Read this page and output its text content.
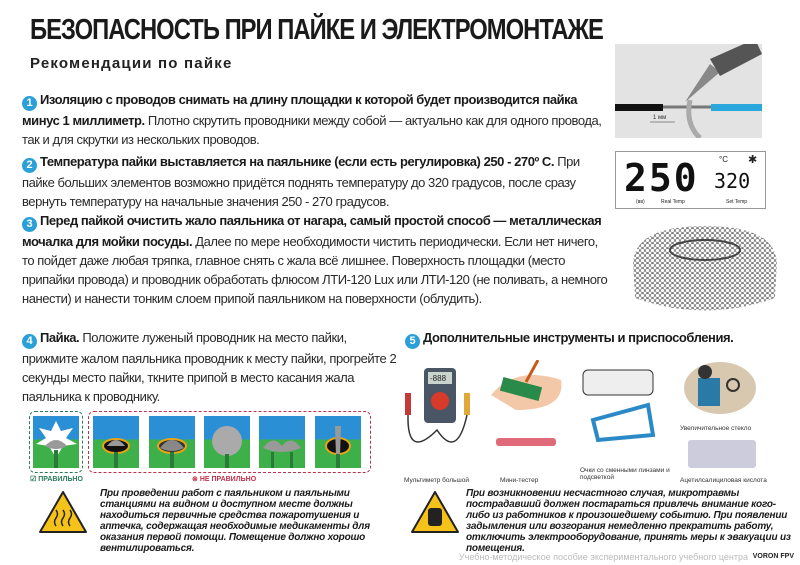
БЕЗОПАСНОСТЬ ПРИ ПАЙКЕ И ЭЛЕКТРОМОНТАЖЕ
Рекомендации по пайке
1 Изоляцию с проводов снимать на длину площадки к которой будет производится пайка минус 1 миллиметр. Плотно скрутить проводники между собой — актуально как для одного провода, так и для скрутки из нескольких проводов.
2 Температура пайки выставляется на паяльнике (если есть регулировка) 250 - 270º С. При пайке больших элементов возможно придётся поднять температуру до 320 градусов, после сразу вернуть температуру на начальные значения 250 - 270 градусов.
3 Перед пайкой очистить жало паяльника от нагара, самый простой способ — металлическая мочалка для мойки посуды. Далее по мере необходимости чистить периодически. Если нет ничего, то пойдет даже любая тряпка, главное снять с жала всё лишнее. Поверхность площадки (место припайки провода) и проводник обработать флюсом ЛТИ-120 Lux или ЛТИ-120 (не поливать, а немного нанести) и нанести тонким слоем припой паяльником на поверхности (облудить).
4 Пайка. Положите луженый проводник на место пайки, прижмите жалом паяльника проводник к месту пайки, прогрейте 2 секунды место пайки, ткните припой в место касания жала паяльника к проводнику.
5 Дополнительные инструменты и приспособления.
1 мм
250	°C ✱
320
(вв)	Real Temp	Set Temp
☑ ПРАВИЛЬНО	⊗ НЕ ПРАВИЛЬНО
-888
Мультиметр большой	Мини-тестер
Очки со сменными линзами и подсветкой
Увеличительное стекло
Ацетилсалициловая кислота
При проведении работ с паяльником и паяльными станциями на видном и доступном месте должны находиться первичные средства пожаротушения и аптечка, содержащая необходимые медикаменты для оказания первой помощи. Помещение должно хорошо вентилироваться.
При возникновении несчастного случая, микротравмы пострадавший должен постараться привлечь внимание кого-либо из работников к произошедшему событию. При появлении задымления или возгорания немедленно прекратить работу, отключить электрооборудование, принять меры к эвакуации из помещения.
Учебно-методическое пособие экспериментального учебного центра VORON FPV
